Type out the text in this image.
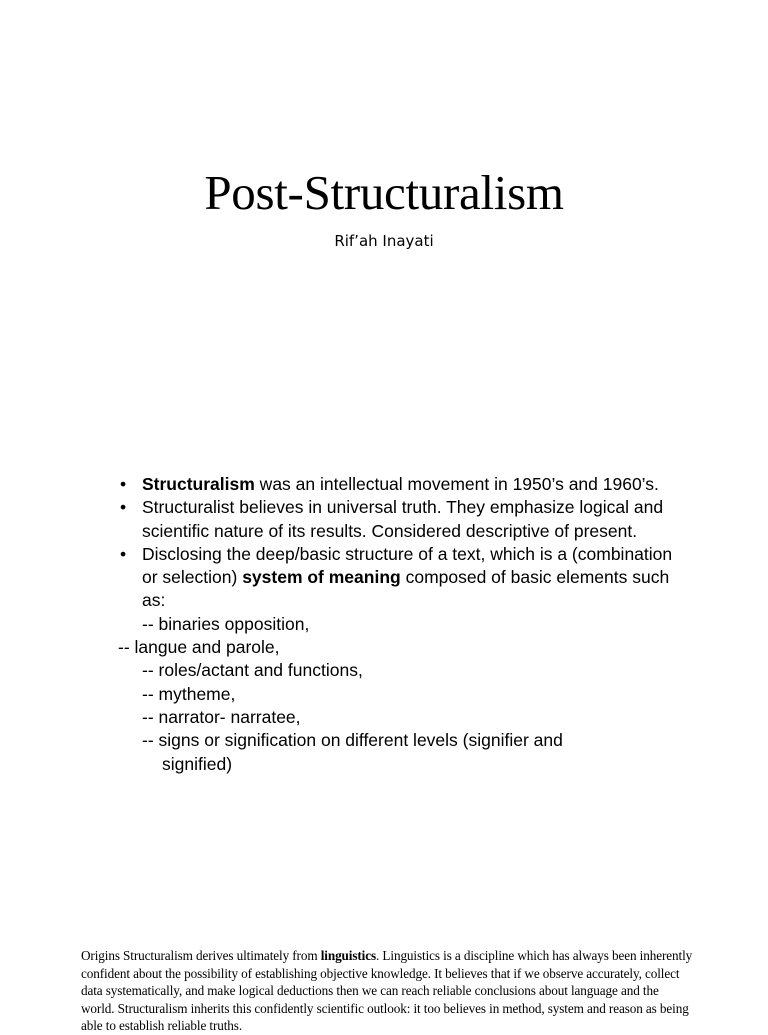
Post-Structuralism
Rif’ah Inayati
• Structuralism was an intellectual movement in 1950’s and 1960’s.
• Structuralist believes in universal truth. They emphasize logical and scientific nature of its results. Considered descriptive of present.
• Disclosing the deep/basic structure of a text, which is a (combination or selection) system of meaning composed of basic elements such as:
-- binaries opposition,
-- langue and parole,
-- roles/actant and functions,
-- mytheme,
-- narrator- narratee,
-- signs or signification on different levels (signifier and
signified)
Origins Structuralism derives ultimately from linguistics. Linguistics is a discipline which has always been inherently confident about the possibility of establishing objective knowledge. It believes that if we observe accurately, collect data systematically, and make logical deductions then we can reach reliable conclusions about language and the world. Structuralism inherits this confidently scientific outlook: it too believes in method, system and reason as being able to establish reliable truths.
